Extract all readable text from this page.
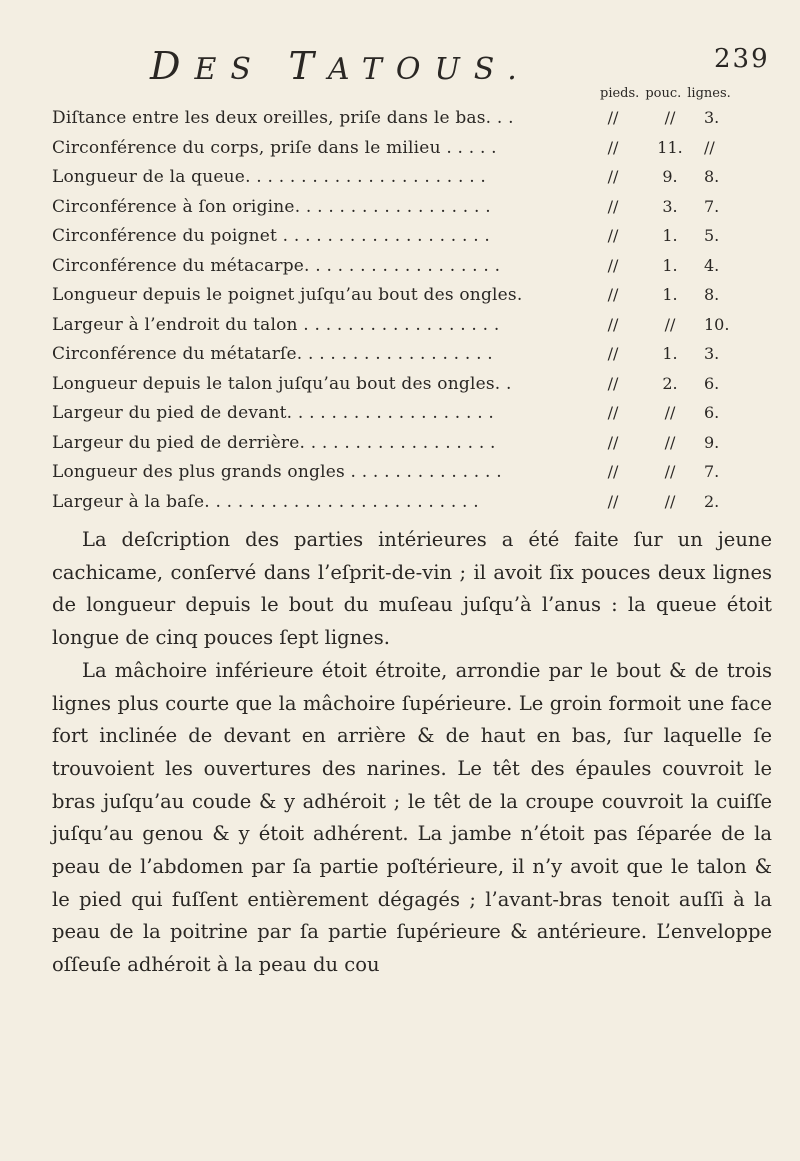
DES TATOUS.	239
pieds. pouc. lignes.
Diſtance entre les deux oreilles, priſe dans le bas. . .	//	//	3.
Circonférence du corps, priſe dans le milieu . . . . .	//	11.	//
Longueur de la queue. . . . . . . . . . . . . . . . . . . . . .	//	9.	8.
Circonférence à ſon origine. . . . . . . . . . . . . . . . . .	//	3.	7.
Circonférence du poignet . . . . . . . . . . . . . . . . . . .	//	1.	5.
Circonférence du métacarpe. . . . . . . . . . . . . . . . . .	//	1.	4.
Longueur depuis le poignet juſqu’au bout des ongles.	//	1.	8.
Largeur à l’endroit du talon . . . . . . . . . . . . . . . . . .	//	//	10.
Circonférence du métatarſe. . . . . . . . . . . . . . . . . .	//	1.	3.
Longueur depuis le talon juſqu’au bout des ongles. .	//	2.	6.
Largeur du pied de devant. . . . . . . . . . . . . . . . . . .	//	//	6.
Largeur du pied de derrière. . . . . . . . . . . . . . . . . .	//	//	9.
Longueur des plus grands ongles . . . . . . . . . . . . . .	//	//	7.
Largeur à la baſe. . . . . . . . . . . . . . . . . . . . . . . . .	//	//	2.

La deſcription des parties intérieures a été faite ſur un jeune cachicame, conſervé dans l’eſprit-de-vin ; il avoit ſix pouces deux lignes de longueur depuis le bout du muſeau juſqu’à l’anus : la queue étoit longue de cinq pouces ſept lignes.

La mâchoire inférieure étoit étroite, arrondie par le bout & de trois lignes plus courte que la mâchoire ſupérieure. Le groin formoit une face fort inclinée de devant en arrière & de haut en bas, ſur laquelle ſe trouvoient les ouvertures des narines. Le têt des épaules couvroit le bras juſqu’au coude & y adhéroit ; le têt de la croupe couvroit la cuiſſe juſqu’au genou & y étoit adhérent. La jambe n’étoit pas ſéparée de la peau de l’abdomen par ſa partie poſtérieure, il n’y avoit que le talon & le pied qui fuſſent entièrement dégagés ; l’avant-bras tenoit auſſi à la peau de la poitrine par ſa partie ſupérieure & antérieure. L’enveloppe oſſeuſe adhéroit à la peau du cou
